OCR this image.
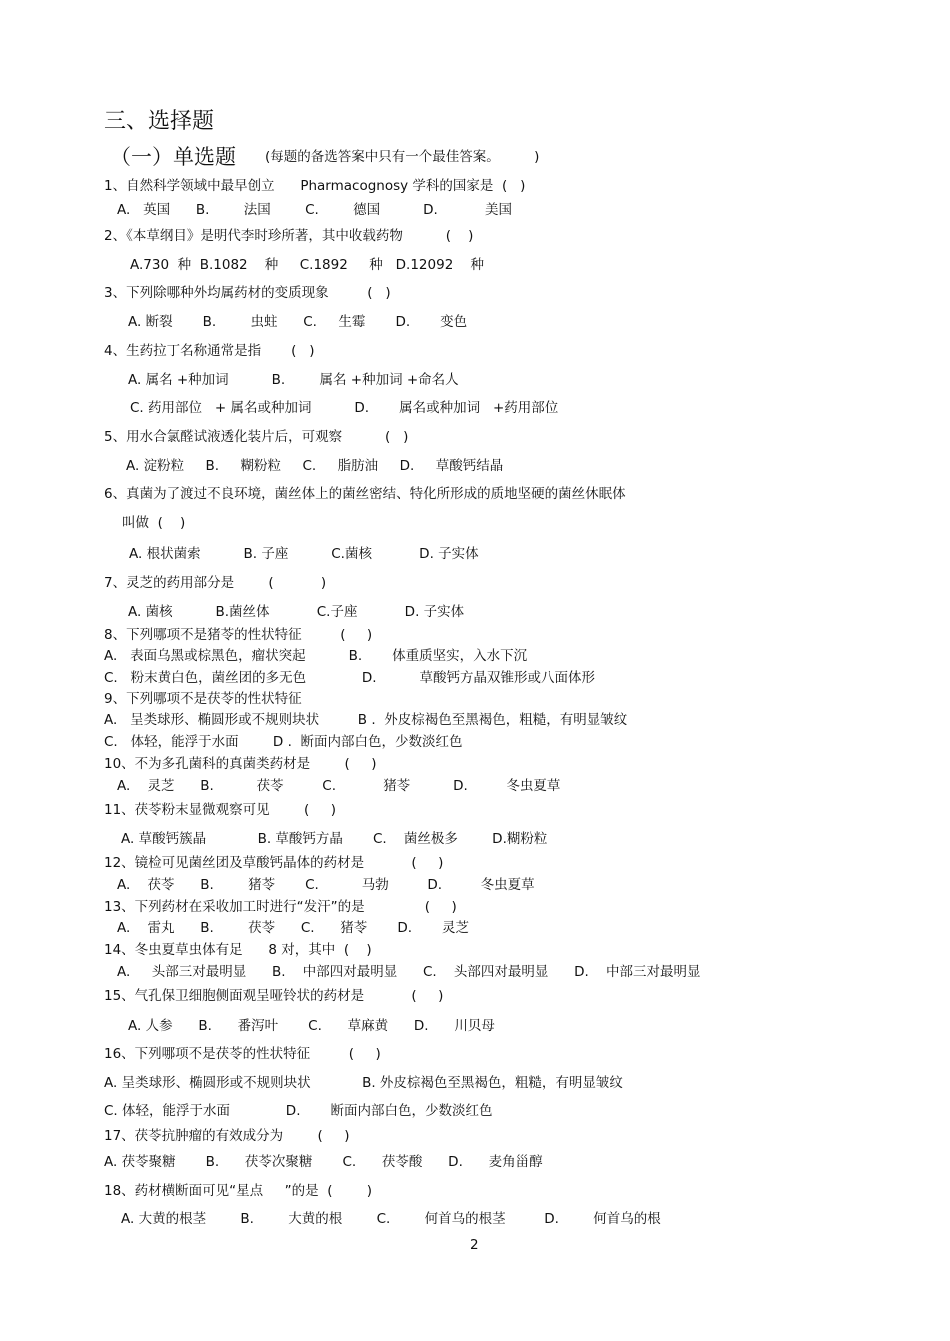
三、选择题
（一）单选题 (每题的备选答案中只有一个最佳答案。        )
1、自然科学领域中最早创立      Pharmacognosy 学科的国家是  (   )
A.   英国      B.        法国        C.        德国          D.           美国
2、《本草纲目》是明代李时珍所著，其中收载药物          (    )
A.730  种  B.1082    种     C.1892     种   D.12092    种
3、下列除哪种外均属药材的变质现象         (   )
A. 断裂       B.        虫蛀      C.     生霉       D.       变色
4、生药拉丁名称通常是指       (   )
A. 属名 +种加词          B.        属名 +种加词 +命名人
C. 药用部位   + 属名或种加词          D.       属名或种加词   +药用部位
5、用水合氯醛试液透化装片后，可观察          (   )
A. 淀粉粒     B.     糊粉粒     C.     脂肪油     D.     草酸钙结晶
6、真菌为了渡过不良环境，菌丝体上的菌丝密结、特化所形成的质地坚硬的菌丝休眠体
叫做  (    )
A. 根状菌索          B. 子座          C.菌核           D. 子实体
7、灵芝的药用部分是        (           )
A. 菌核          B.菌丝体           C.子座           D. 子实体
8、下列哪项不是猪苓的性状特征         (     )
A.   表面乌黑或棕黑色，瘤状突起          B.       体重质坚实，入水下沉
C.   粉末黄白色，菌丝团的多无色             D.          草酸钙方晶双锥形或八面体形
9、下列哪项不是茯苓的性状特征
A.   呈类球形、椭圆形或不规则块状         B .  外皮棕褐色至黑褐色，粗糙，有明显皱纹
C.   体轻，能浮于水面        D .  断面内部白色，少数淡红色
10、不为多孔菌科的真菌类药材是        (     )
A.    灵芝      B.          茯苓         C.           猪苓          D.         冬虫夏草
11、茯苓粉末显微观察可见        (     )
A. 草酸钙簇晶            B. 草酸钙方晶       C.    菌丝极多        D.糊粉粒
12、镜检可见菌丝团及草酸钙晶体的药材是           (     )
A.    茯苓      B.        猪苓       C.          马勃         D.         冬虫夏草
13、下列药材在采收加工时进行“发汗”的是              (     )
A.    雷丸      B.        茯苓      C.      猪苓       D.       灵芝
14、冬虫夏草虫体有足      8 对，其中  (    )
A.     头部三对最明显      B.    中部四对最明显      C.    头部四对最明显      D.    中部三对最明显
15、气孔保卫细胞侧面观呈哑铃状的药材是           (     )
A. 人参      B.      番泻叶       C.      草麻黄      D.      川贝母
16、下列哪项不是茯苓的性状特征         (     )
A. 呈类球形、椭圆形或不规则块状            B. 外皮棕褐色至黑褐色，粗糙，有明显皱纹
C. 体轻，能浮于水面             D.       断面内部白色，少数淡红色
17、茯苓抗肿瘤的有效成分为        (     )
A. 茯苓聚糖       B.      茯苓次聚糖       C.      茯苓酸      D.      麦角甾醇
18、药材横断面可见“星点     ”的是  (        )
A. 大黄的根茎        B.        大黄的根        C.        何首乌的根茎         D.        何首乌的根
2
